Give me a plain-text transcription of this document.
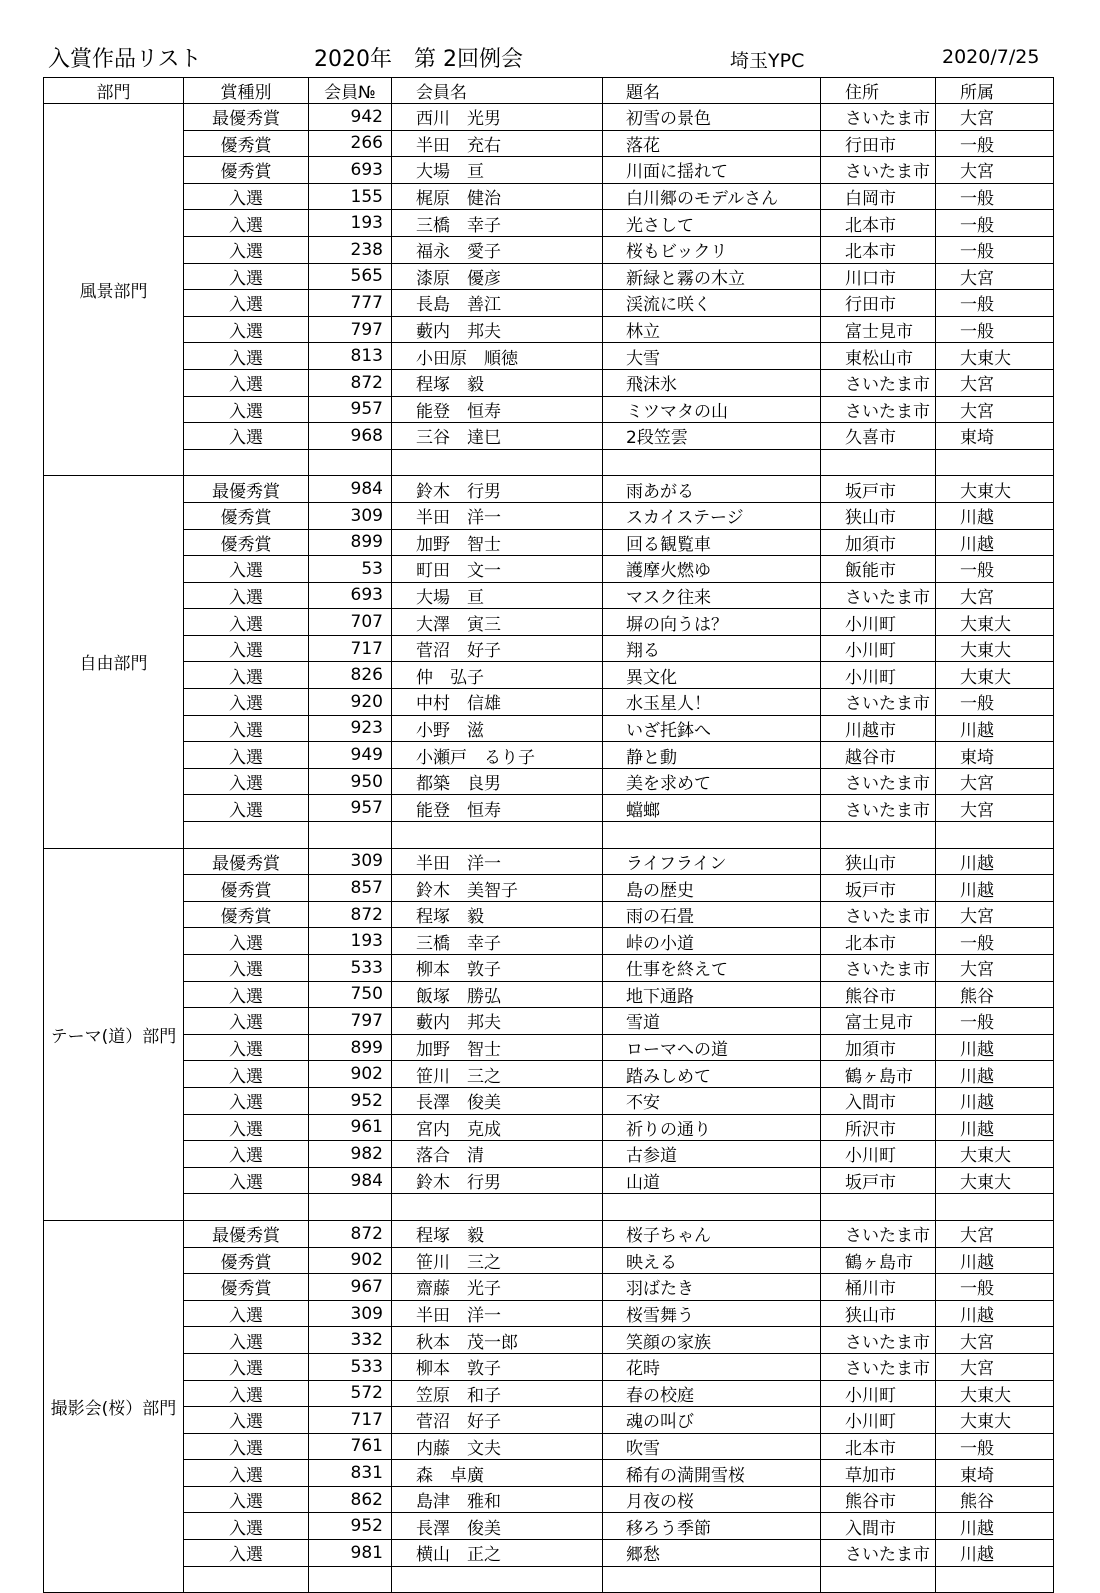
入賞作品リスト	2020年　第 2回例会	埼玉YPC	2020/7/25
部門	賞種別	会員№	会員名	題名	住所	所属
風景部門	最優秀賞	942	西川　光男	初雪の景色	さいたま市	大宮
	優秀賞	266	半田　充右	落花	行田市	一般
	優秀賞	693	大場　亘	川面に揺れて	さいたま市	大宮
	入選	155	梶原　健治	白川郷のモデルさん	白岡市	一般
	入選	193	三橋　幸子	光さして	北本市	一般
	入選	238	福永　愛子	桜もビックリ	北本市	一般
	入選	565	漆原　優彦	新緑と霧の木立	川口市	大宮
	入選	777	長島　善江	渓流に咲く	行田市	一般
	入選	797	藪内　邦夫	林立	富士見市	一般
	入選	813	小田原　順徳	大雪	東松山市	大東大
	入選	872	程塚　毅	飛沫氷	さいたま市	大宮
	入選	957	能登　恒寿	ミツマタの山	さいたま市	大宮
	入選	968	三谷　達巳	2段笠雲	久喜市	東埼

自由部門	最優秀賞	984	鈴木　行男	雨あがる	坂戸市	大東大
	優秀賞	309	半田　洋一	スカイステージ	狭山市	川越
	優秀賞	899	加野　智士	回る観覧車	加須市	川越
	入選	53	町田　文一	護摩火燃ゆ	飯能市	一般
	入選	693	大場　亘	マスク往来	さいたま市	大宮
	入選	707	大澤　寅三	塀の向うは？	小川町	大東大
	入選	717	菅沼　好子	翔る	小川町	大東大
	入選	826	仲　弘子	異文化	小川町	大東大
	入選	920	中村　信雄	水玉星人！	さいたま市	一般
	入選	923	小野　滋	いざ托鉢へ	川越市	川越
	入選	949	小瀬戸　るり子	静と動	越谷市	東埼
	入選	950	都築　良男	美を求めて	さいたま市	大宮
	入選	957	能登　恒寿	蟷螂	さいたま市	大宮

テーマ(道）部門	最優秀賞	309	半田　洋一	ライフライン	狭山市	川越
	優秀賞	857	鈴木　美智子	島の歴史	坂戸市	川越
	優秀賞	872	程塚　毅	雨の石畳	さいたま市	大宮
	入選	193	三橋　幸子	峠の小道	北本市	一般
	入選	533	柳本　敦子	仕事を終えて	さいたま市	大宮
	入選	750	飯塚　勝弘	地下通路	熊谷市	熊谷
	入選	797	藪内　邦夫	雪道	富士見市	一般
	入選	899	加野　智士	ローマへの道	加須市	川越
	入選	902	笹川　三之	踏みしめて	鶴ヶ島市	川越
	入選	952	長澤　俊美	不安	入間市	川越
	入選	961	宮内　克成	祈りの通り	所沢市	川越
	入選	982	落合　清	古参道	小川町	大東大
	入選	984	鈴木　行男	山道	坂戸市	大東大

撮影会(桜）部門	最優秀賞	872	程塚　毅	桜子ちゃん	さいたま市	大宮
	優秀賞	902	笹川　三之	映える	鶴ヶ島市	川越
	優秀賞	967	齋藤　光子	羽ばたき	桶川市	一般
	入選	309	半田　洋一	桜雪舞う	狭山市	川越
	入選	332	秋本　茂一郎	笑顔の家族	さいたま市	大宮
	入選	533	柳本　敦子	花時	さいたま市	大宮
	入選	572	笠原　和子	春の校庭	小川町	大東大
	入選	717	菅沼　好子	魂の叫び	小川町	大東大
	入選	761	内藤　文夫	吹雪	北本市	一般
	入選	831	森　卓廣	稀有の満開雪桜	草加市	東埼
	入選	862	島津　雅和	月夜の桜	熊谷市	熊谷
	入選	952	長澤　俊美	移ろう季節	入間市	川越
	入選	981	横山　正之	郷愁	さいたま市	川越
